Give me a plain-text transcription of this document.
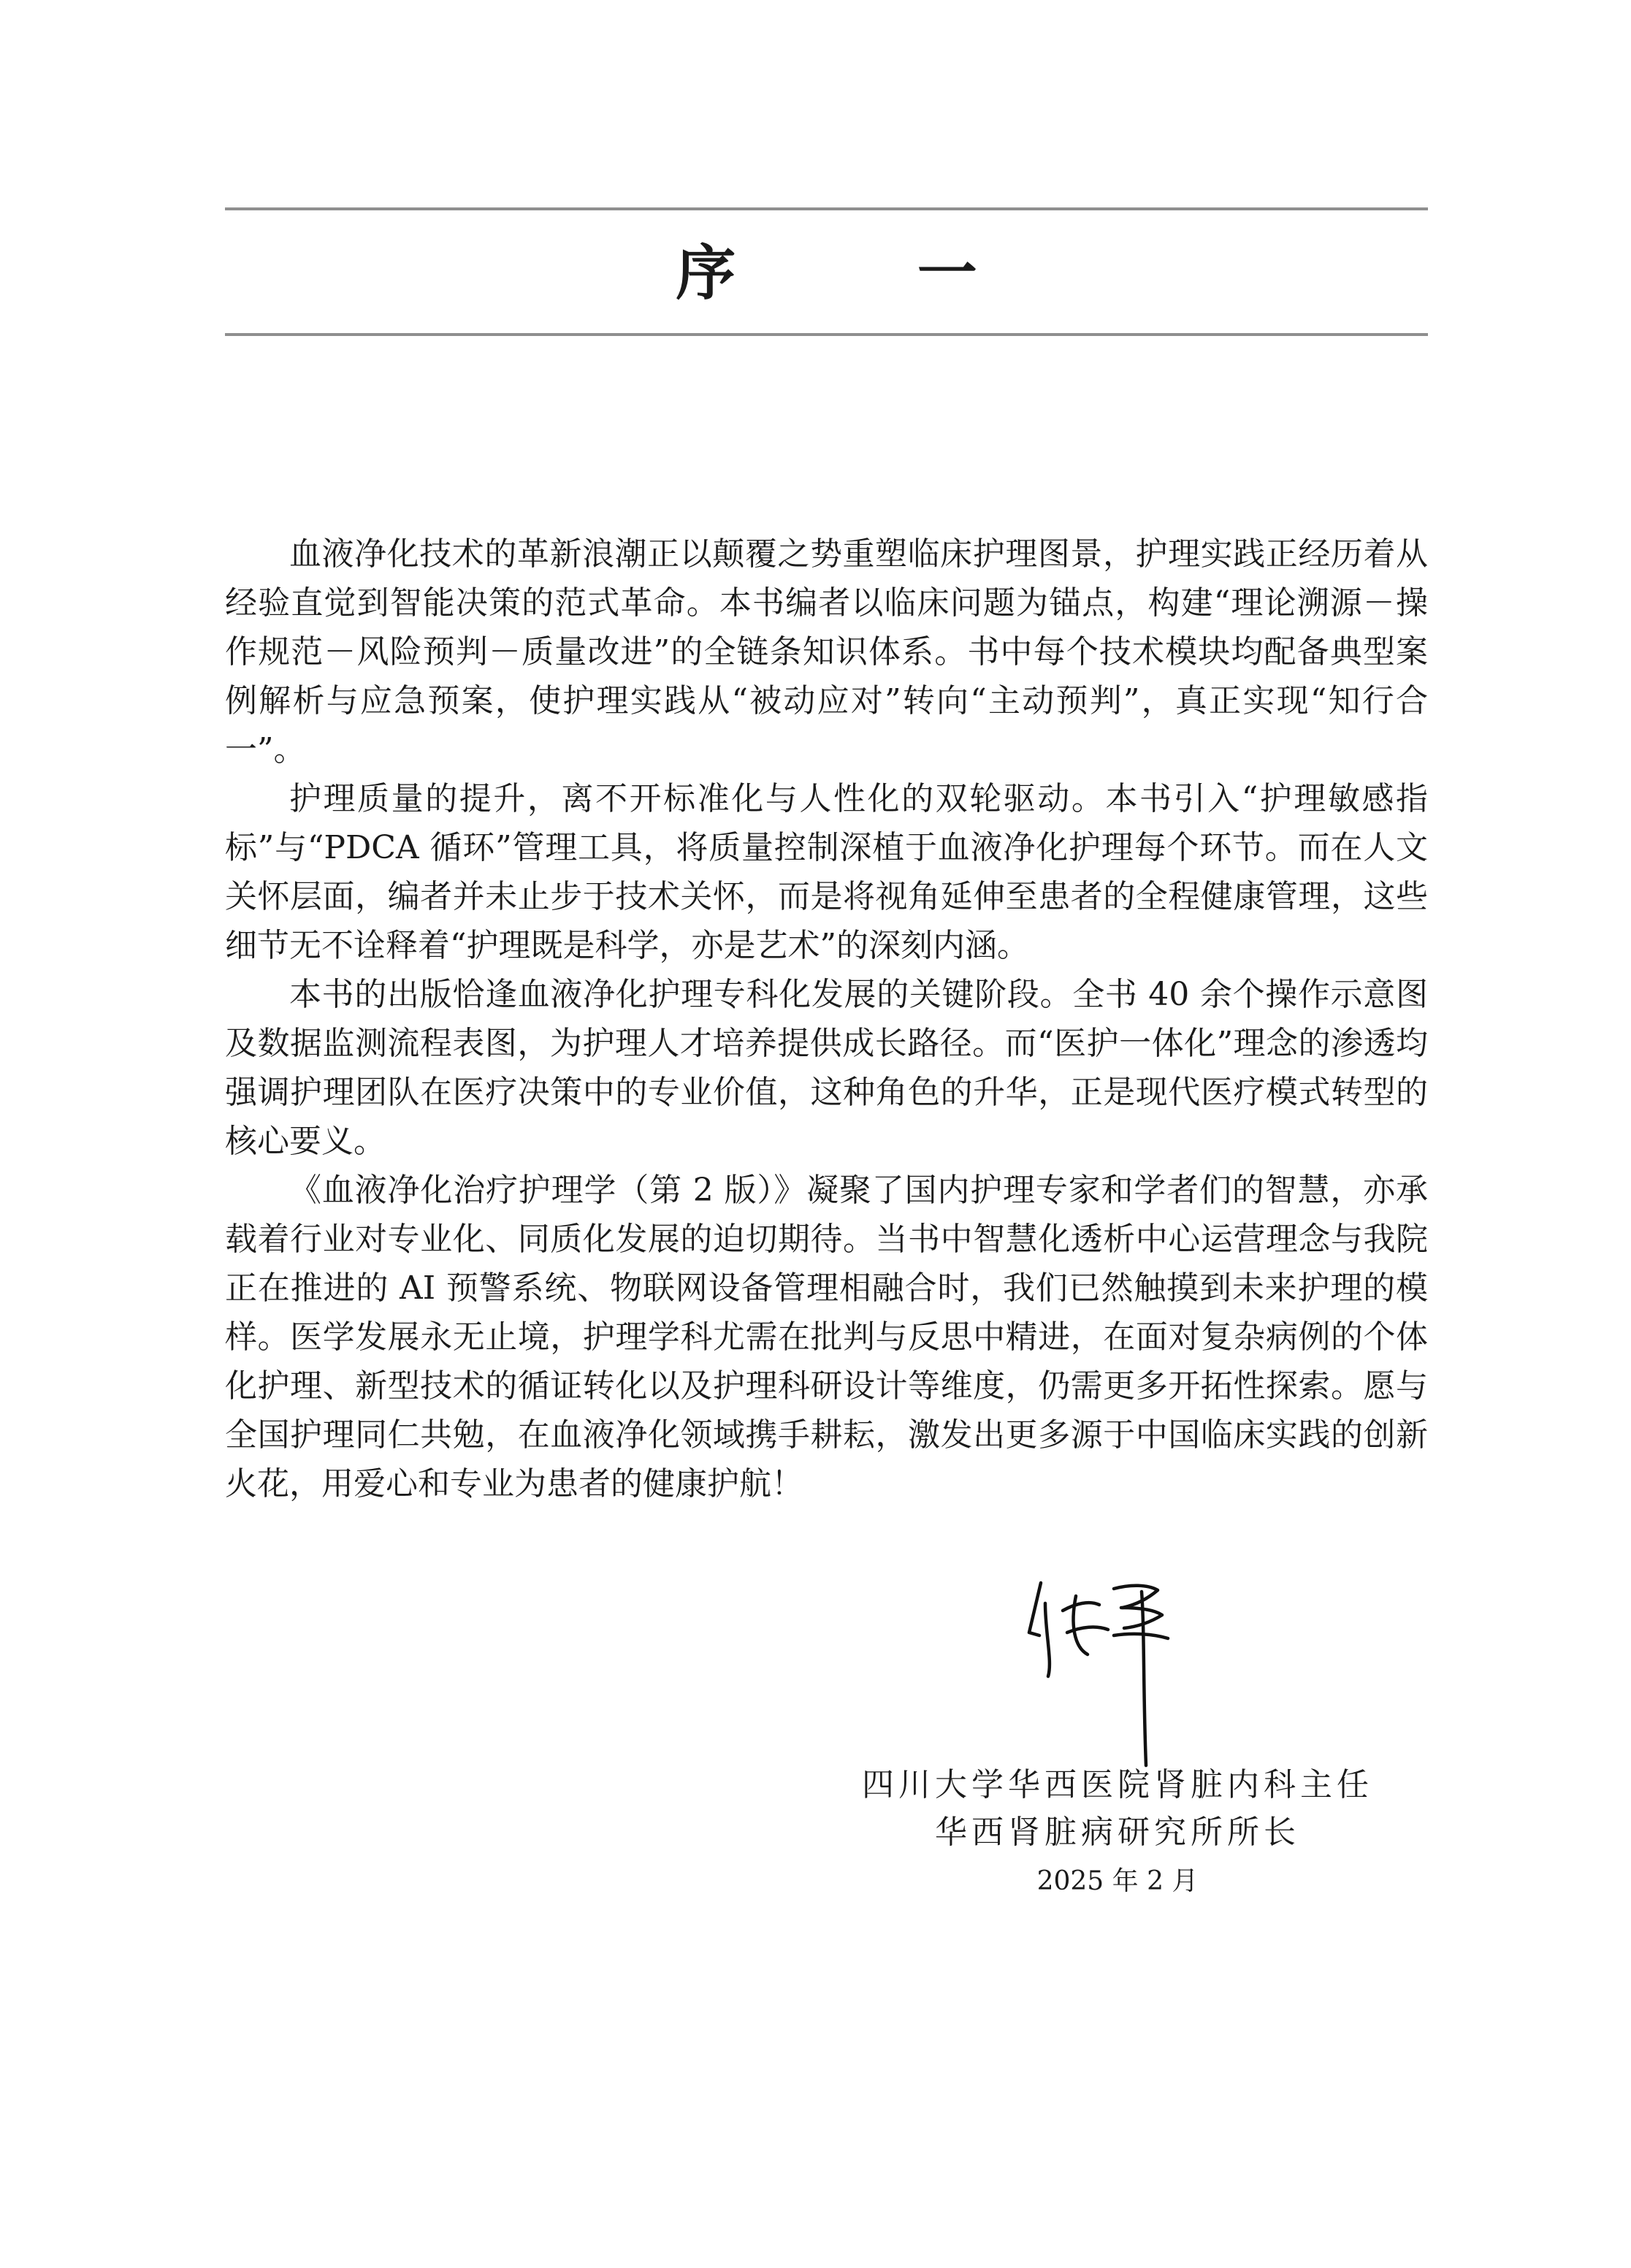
序 一

血液净化技术的革新浪潮正以颠覆之势重塑临床护理图景，护理实践正经历着从经验直觉到智能决策的范式革命。本书编者以临床问题为锚点，构建“理论溯源－操作规范－风险预判－质量改进”的全链条知识体系。书中每个技术模块均配备典型案例解析与应急预案，使护理实践从“被动应对”转向“主动预判”，真正实现“知行合一”。

护理质量的提升，离不开标准化与人性化的双轮驱动。本书引入“护理敏感指标”与“PDCA 循环”管理工具，将质量控制深植于血液净化护理每个环节。而在人文关怀层面，编者并未止步于技术关怀，而是将视角延伸至患者的全程健康管理，这些细节无不诠释着“护理既是科学，亦是艺术”的深刻内涵。

本书的出版恰逢血液净化护理专科化发展的关键阶段。全书 40 余个操作示意图及数据监测流程表图，为护理人才培养提供成长路径。而“医护一体化”理念的渗透均强调护理团队在医疗决策中的专业价值，这种角色的升华，正是现代医疗模式转型的核心要义。

《血液净化治疗护理学（第 2 版）》凝聚了国内护理专家和学者们的智慧，亦承载着行业对专业化、同质化发展的迫切期待。当书中智慧化透析中心运营理念与我院正在推进的 AI 预警系统、物联网设备管理相融合时，我们已然触摸到未来护理的模样。医学发展永无止境，护理学科尤需在批判与反思中精进，在面对复杂病例的个体化护理、新型技术的循证转化以及护理科研设计等维度，仍需更多开拓性探索。愿与全国护理同仁共勉，在血液净化领域携手耕耘，激发出更多源于中国临床实践的创新火花，用爱心和专业为患者的健康护航！

四川大学华西医院肾脏内科主任
华西肾脏病研究所所长
2025 年 2 月
